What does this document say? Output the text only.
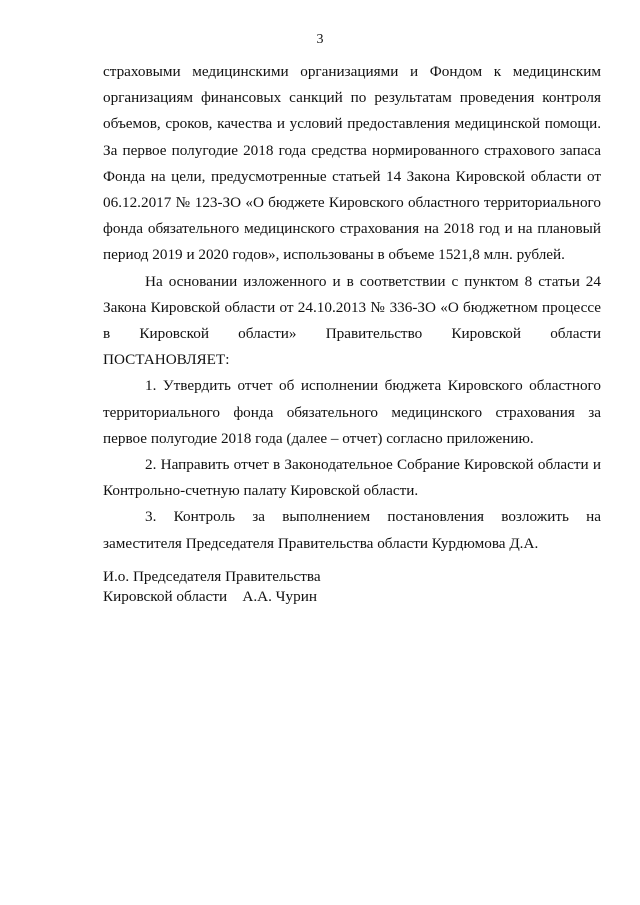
3

страховыми медицинскими организациями и Фондом к медицинским организациям финансовых санкций по результатам проведения контроля объемов, сроков, качества и условий предоставления медицинской помощи. За первое полугодие 2018 года средства нормированного страхового запаса Фонда на цели, предусмотренные статьей 14 Закона Кировской области от 06.12.2017 № 123-ЗО «О бюджете Кировского областного территориального фонда обязательного медицинского страхования на 2018 год и на плановый период 2019 и 2020 годов», использованы в объеме 1521,8 млн. рублей.

На основании изложенного и в соответствии с пунктом 8 статьи 24 Закона Кировской области от 24.10.2013 № 336-ЗО «О бюджетном процессе в Кировской области» Правительство Кировской области ПОСТАНОВЛЯЕТ:

1. Утвердить отчет об исполнении бюджета Кировского областного территориального фонда обязательного медицинского страхования за первое полугодие 2018 года (далее – отчет) согласно приложению.

2. Направить отчет в Законодательное Собрание Кировской области и Контрольно-счетную палату Кировской области.

3. Контроль за выполнением постановления возложить на заместителя Председателя Правительства области Курдюмова Д.А.

И.о. Председателя Правительства
Кировской области    А.А. Чурин
